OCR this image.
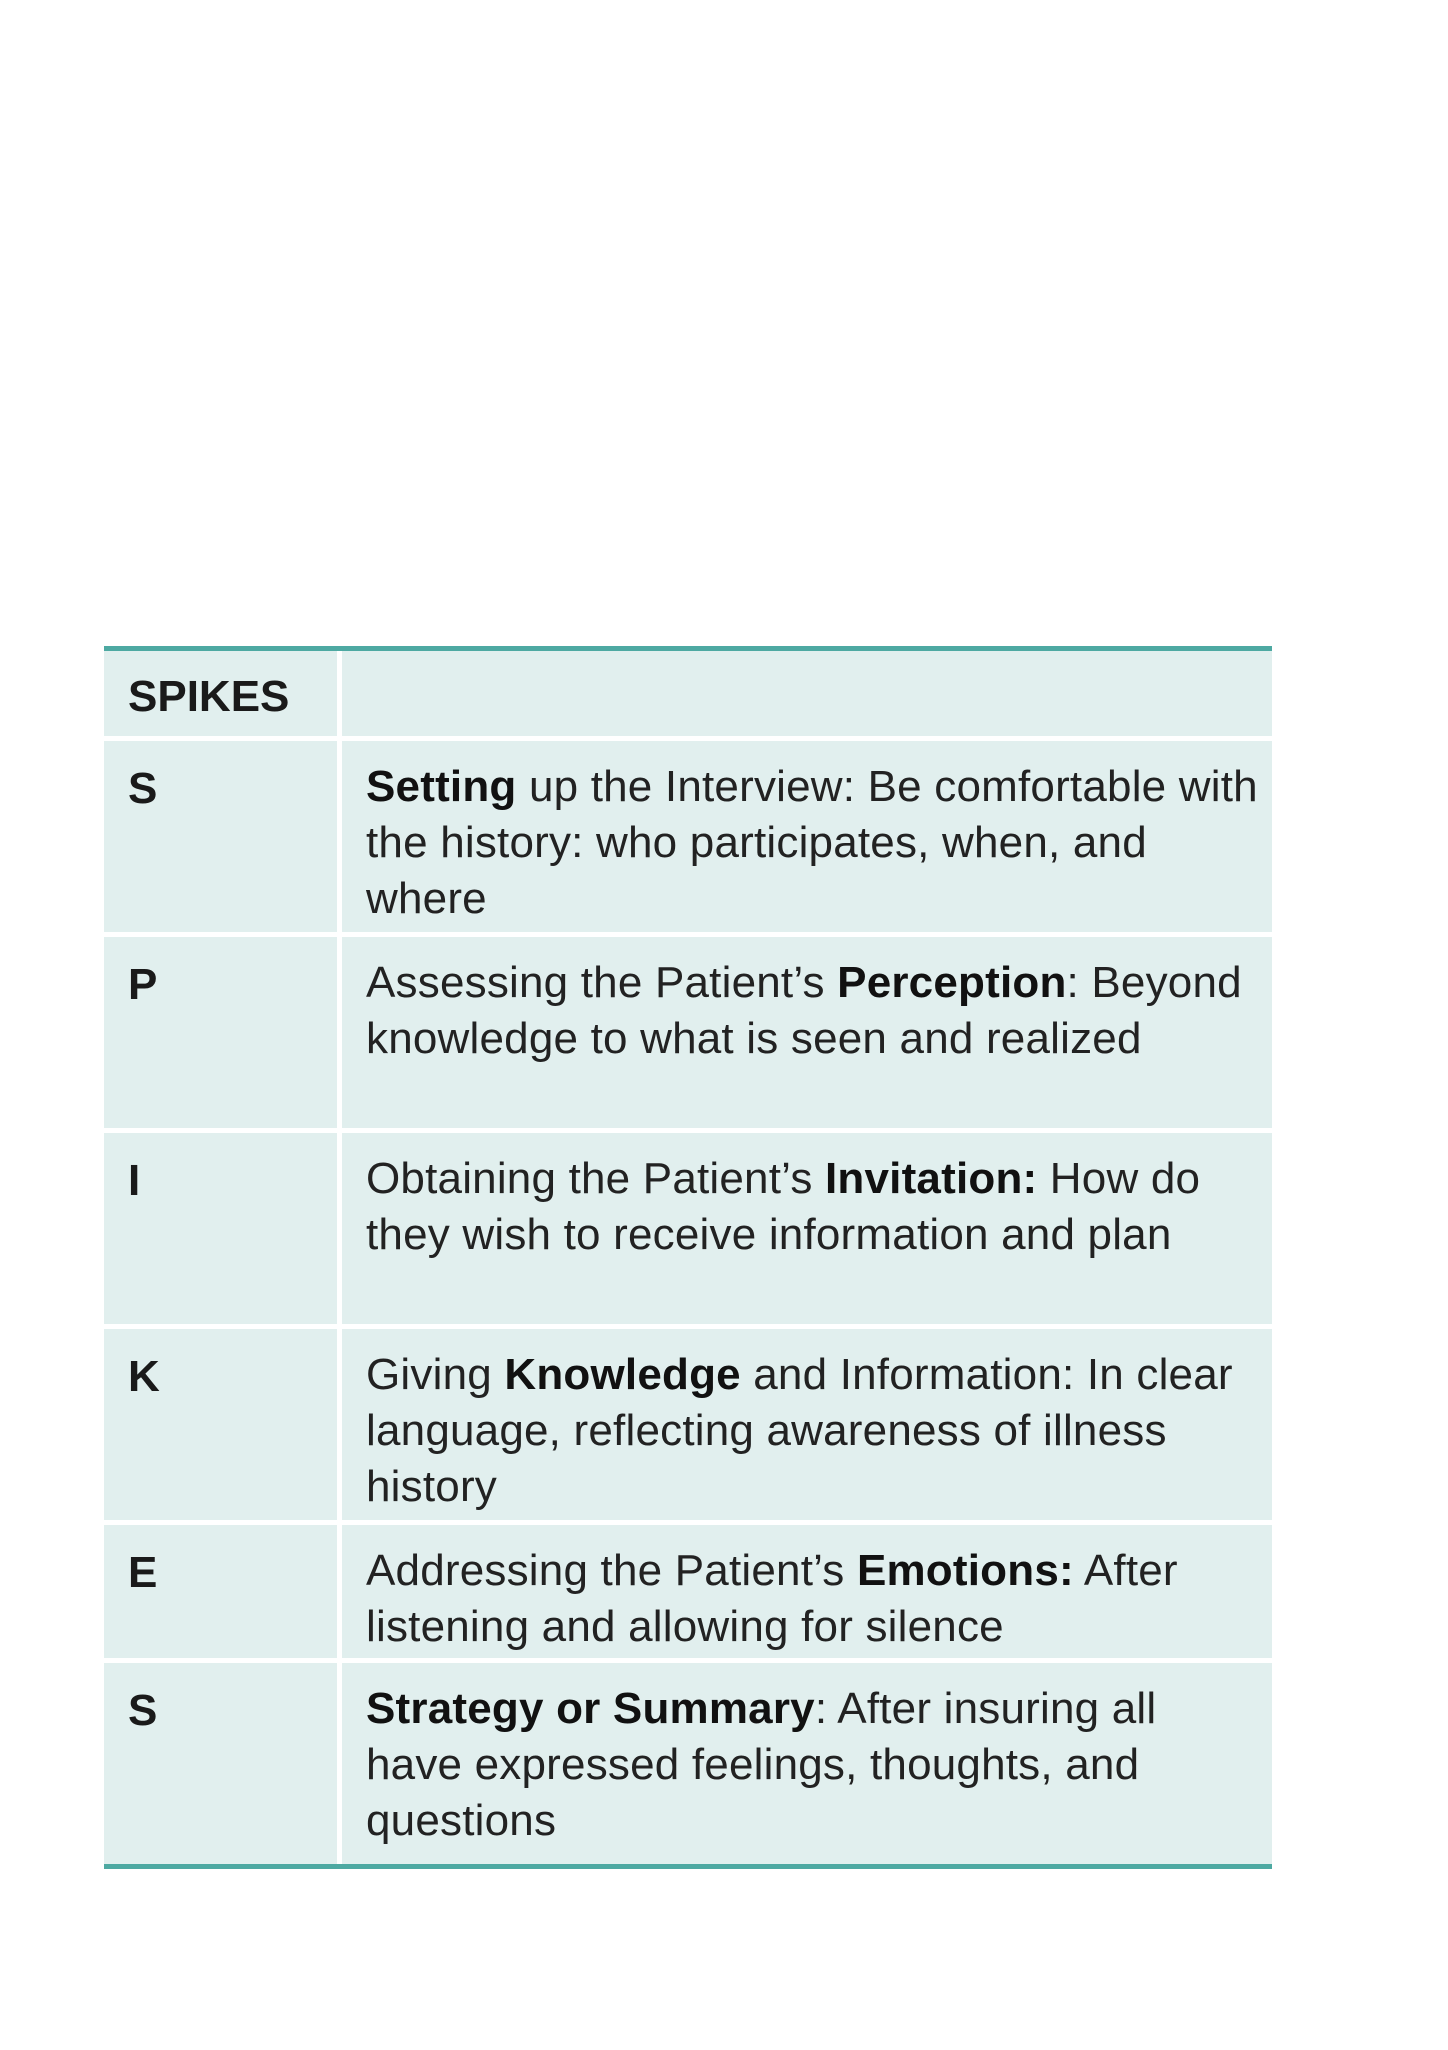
SPIKES
S	Setting up the Interview: Be comfortable with the history: who participates, when, and where
P	Assessing the Patient’s Perception: Beyond knowledge to what is seen and realized
I	Obtaining the Patient’s Invitation: How do they wish to receive information and plan
K	Giving Knowledge and Information: In clear language, reflecting awareness of illness history
E	Addressing the Patient’s Emotions: After listening and allowing for silence
S	Strategy or Summary: After insuring all have expressed feelings, thoughts, and questions
